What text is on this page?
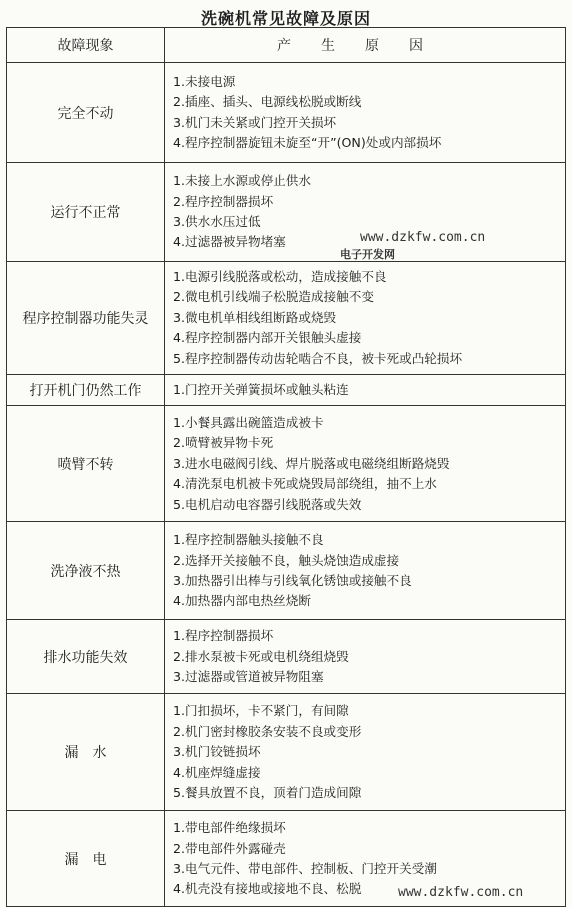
洗碗机常见故障及原因
故障现象	产生原因
完全不动	1.未接电源
2.插座、插头、电源线松脱或断线
3.机门未关紧或门控开关损坏
4.程序控制器旋钮未旋至“开”(ON)处或内部损坏

运行不正常	1.未接上水源或停止供水
2.程序控制器损坏
3.供水水压过低
4.过滤器被异物堵塞

程序控制器功能失灵	1.电源引线脱落或松动，造成接触不良
2.微电机引线端子松脱造成接触不变
3.微电机单相线组断路或烧毁
4.程序控制器内部开关银触头虚接
5.程序控制器传动齿轮啮合不良，被卡死或凸轮损坏

打开机门仍然工作	1.门控开关弹簧损坏或触头粘连

喷臂不转	1.小餐具露出碗篮造成被卡
2.喷臂被异物卡死
3.进水电磁阀引线、焊片脱落或电磁绕组断路烧毁
4.清洗泵电机被卡死或烧毁局部绕组，抽不上水
5.电机启动电容器引线脱落或失效

洗净液不热	1.程序控制器触头接触不良
2.选择开关接触不良，触头烧蚀造成虚接
3.加热器引出棒与引线氧化锈蚀或接触不良
4.加热器内部电热丝烧断

排水功能失效	1.程序控制器损坏
2.排水泵被卡死或电机绕组烧毁
3.过滤器或管道被异物阻塞

漏　水	1.门扣损坏，卡不紧门，有间隙
2.机门密封橡胶条安装不良或变形
3.机门铰链损坏
4.机座焊缝虚接
5.餐具放置不良，顶着门造成间隙

漏　电	1.带电部件绝缘损坏
2.带电部件外露碰壳
3.电气元件、带电部件、控制板、门控开关受潮
4.机壳没有接地或接地不良、松脱
www.dzkfw.com.cn
电子开发网
www.dzkfw.com.cn
